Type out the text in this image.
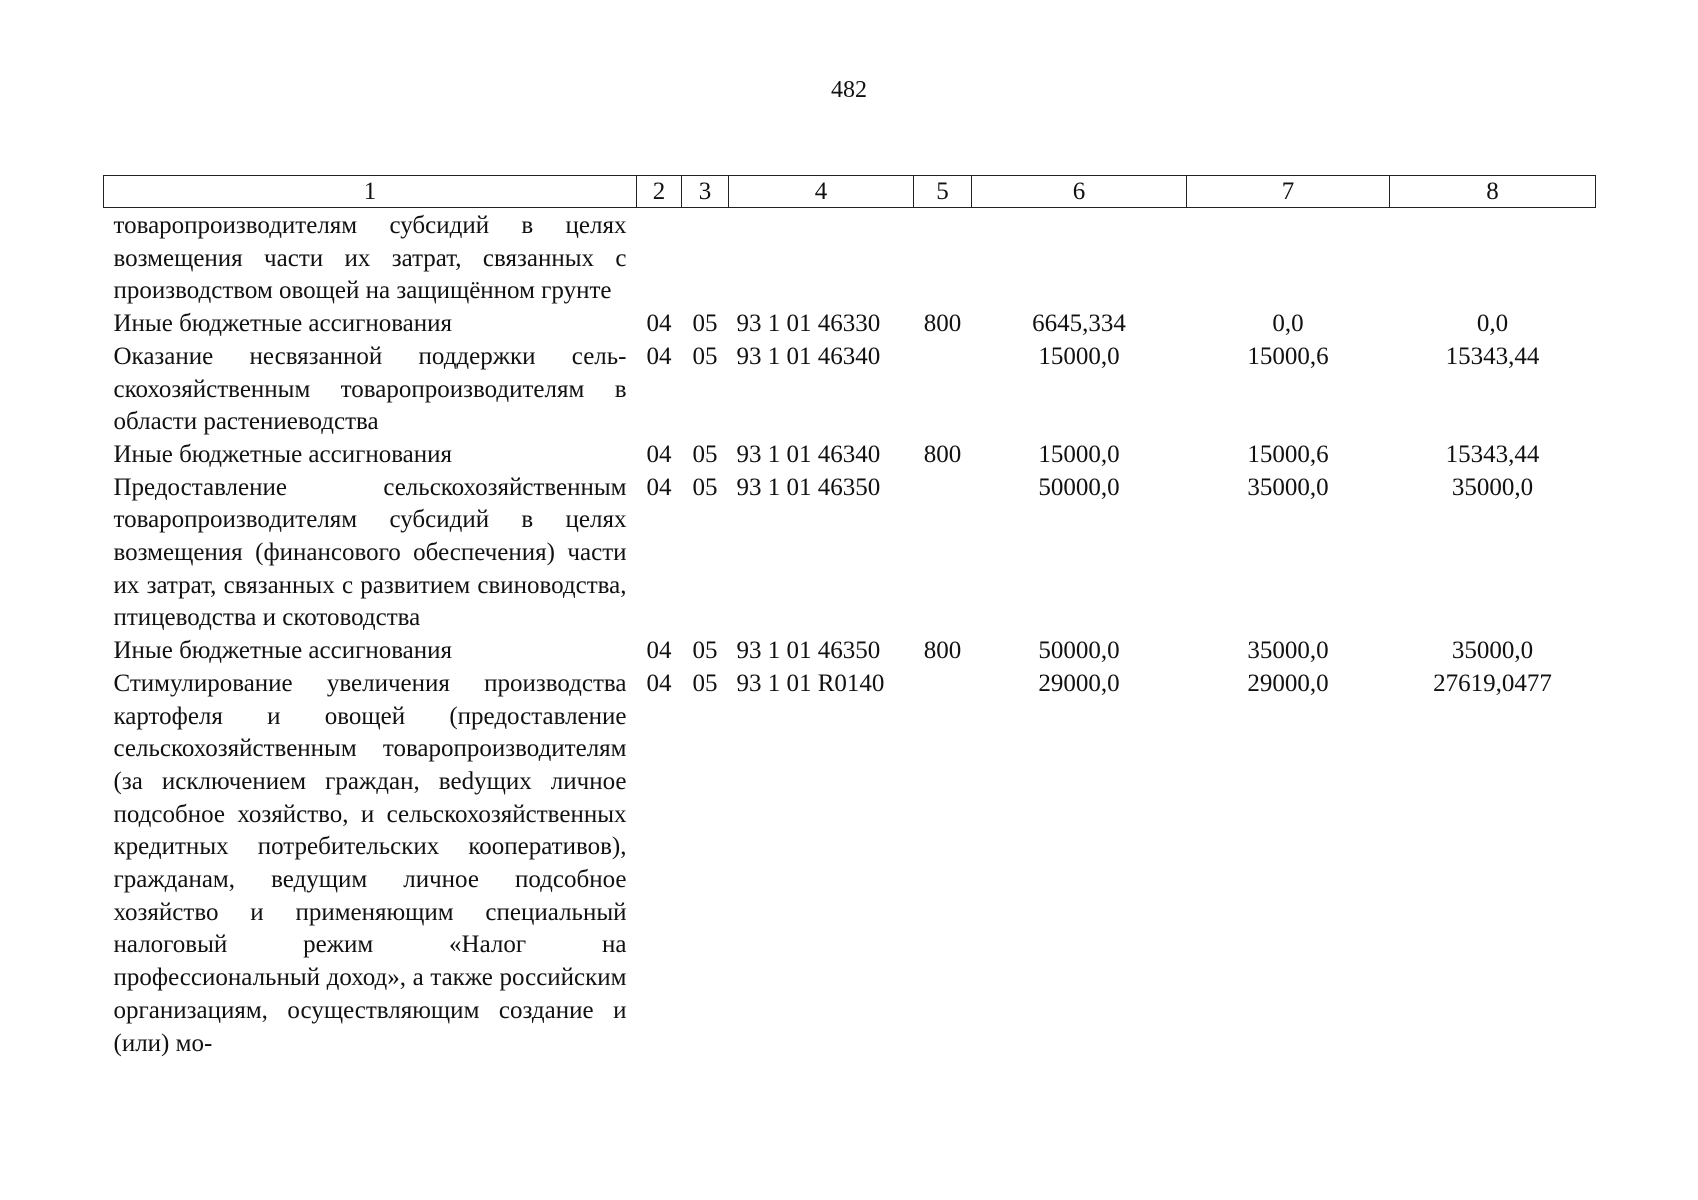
482
1	2	3	4	5	6	7	8
товаропроизводителям субсидий в целях возмещения части их затрат, связанных с производством овощей на защищённом грунте							
Иные бюджетные ассигнования	04	05	93 1 01 46330	800	6645,334	0,0	0,0
Оказание несвязанной поддержки сельскохозяйственным товаропроизводителям в области растениеводства	04	05	93 1 01 46340		15000,0	15000,6	15343,44
Иные бюджетные ассигнования	04	05	93 1 01 46340	800	15000,0	15000,6	15343,44
Предоставление сельскохозяйственным товаропроизводителям субсидий в целях возмещения (финансового обеспечения) части их затрат, связанных с развитием свиноводства, птицеводства и скотоводства	04	05	93 1 01 46350		50000,0	35000,0	35000,0
Иные бюджетные ассигнования	04	05	93 1 01 46350	800	50000,0	35000,0	35000,0
Стимулирование увеличения производства картофеля и овощей (предоставление сельскохозяйственным товаропроизводителям (за исключением граждан, веdущих личное подсобное хозяйство, и сельскохозяйственных кредитных потребительских кооперативов), гражданам, ведущим личное подсобное хозяйство и применяющим специальный налоговый режим «Налог на профессиональный доход», а также российским организациям, осуществляющим создание и (или) мо-	04	05	93 1 01 R0140		29000,0	29000,0	27619,0477
